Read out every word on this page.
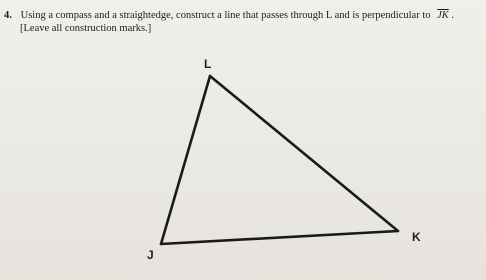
4. Using a compass and a straightedge, construct a line that passes through L and is perpendicular to $\overline{JK}$ .
[Leave all construction marks.]
L
J
K
